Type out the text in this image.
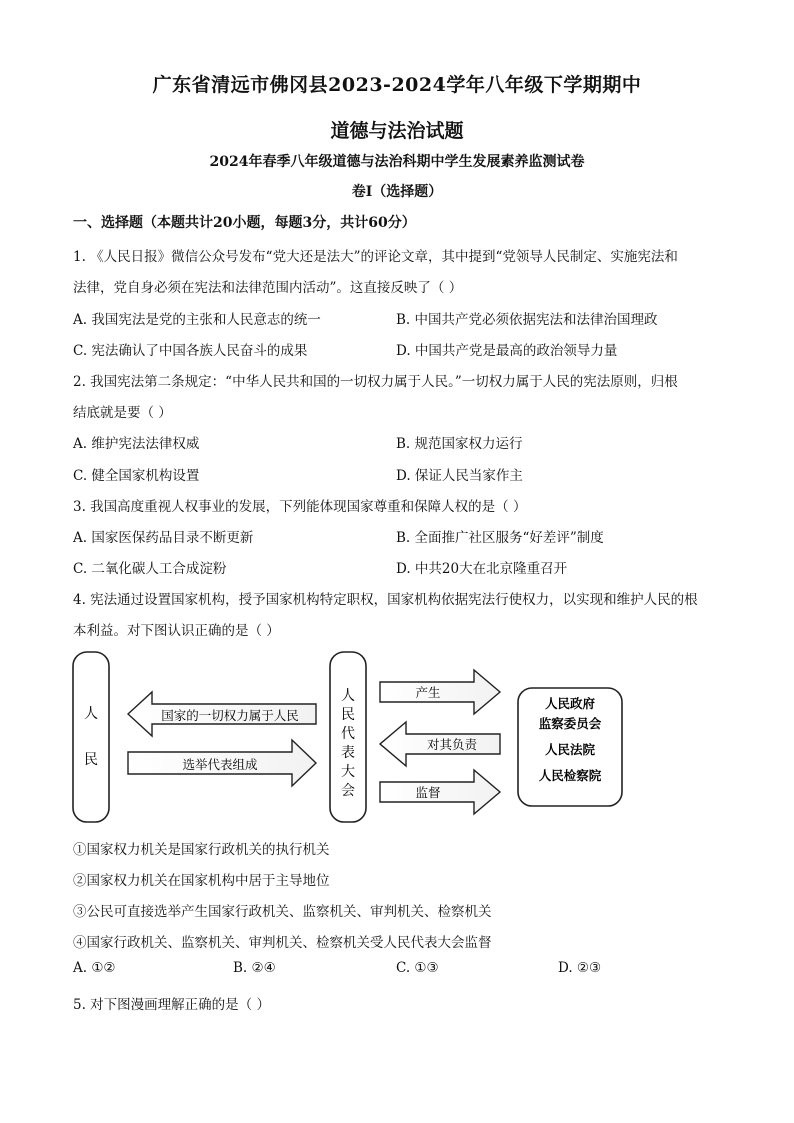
广东省清远市佛冈县2023-2024学年八年级下学期期中
道德与法治试题
2024年春季八年级道德与法治科期中学生发展素养监测试卷
卷Ⅰ（选择题）
一、选择题（本题共计20小题，每题3分，共计60分）
1. 《人民日报》微信公众号发布“党大还是法大”的评论文章，其中提到“党领导人民制定、实施宪法和
法律，党自身必须在宪法和法律范围内活动”。这直接反映了（ ）
A. 我国宪法是党的主张和人民意志的统一	B. 中国共产党必须依据宪法和法律治国理政
C. 宪法确认了中国各族人民奋斗的成果	D. 中国共产党是最高的政治领导力量
2. 我国宪法第二条规定：“中华人民共和国的一切权力属于人民。”一切权力属于人民的宪法原则，归根
结底就是要（ ）
A. 维护宪法法律权威	B. 规范国家权力运行
C. 健全国家机构设置	D. 保证人民当家作主
3. 我国高度重视人权事业的发展，下列能体现国家尊重和保障人权的是（ ）
A. 国家医保药品目录不断更新	B. 全面推广社区服务“好差评”制度
C. 二氧化碳人工合成淀粉	D. 中共20大在北京隆重召开
4. 宪法通过设置国家机构，授予国家机构特定职权，国家机构依据宪法行使权力，以实现和维护人民的根
本利益。对下图认识正确的是（ ）
人民
国家的一切权力属于人民
选举代表组成
人民代表大会
产生
对其负责
监督
人民政府
监察委员会
人民法院
人民检察院
①国家权力机关是国家行政机关的执行机关
②国家权力机关在国家机构中居于主导地位
③公民可直接选举产生国家行政机关、监察机关、审判机关、检察机关
④国家行政机关、监察机关、审判机关、检察机关受人民代表大会监督
A. ①②	B. ②④	C. ①③	D. ②③
5. 对下图漫画理解正确的是（ ）
